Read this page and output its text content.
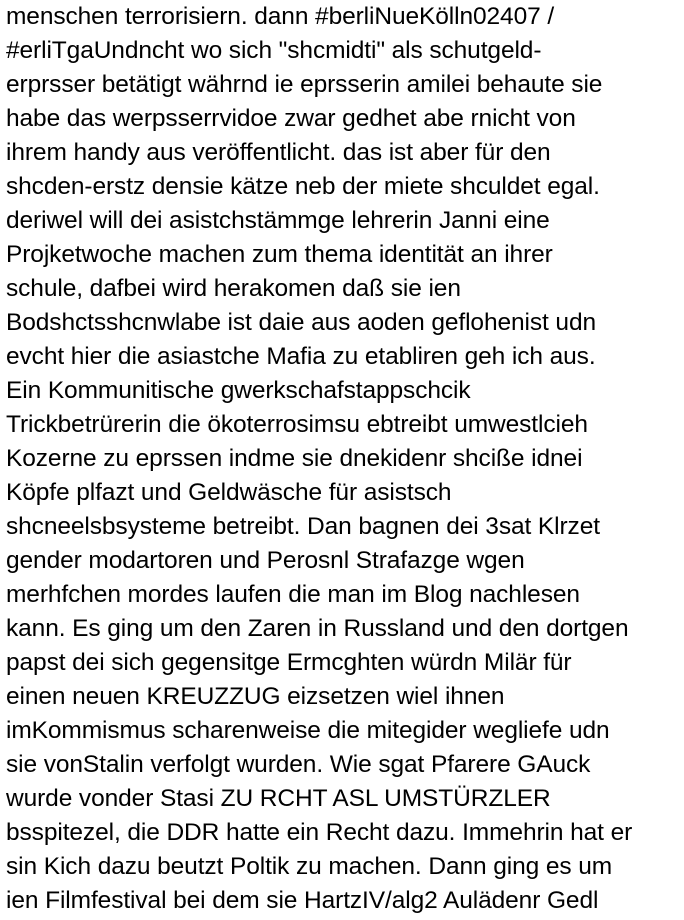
menschen terrorisiern. dann #berliNueKölln02407 /
#erliTgaUndncht wo sich "shcmidti" als schutgeld-
erprsser betätigt währnd ie eprsserin amilei behaute sie
habe das werpsserrvidoe zwar gedhet abe rnicht von
ihrem handy aus veröffentlicht. das ist aber für den
shcden-erstz densie kätze neb der miete shculdet egal.
deriwel will dei asistchstämmge lehrerin Janni eine
Projketwoche machen zum thema identität an ihrer
schule, dafbei wird herakomen daß sie ien
Bodshctsshcnwlabe ist daie aus aoden geflohenist udn
evcht hier die asiastche Mafia zu etabliren geh ich aus.
Ein Kommunitische gwerkschafstappschcik
Trickbetrürerin die ökoterrosimsu ebtreibt umwestlcieh
Kozerne zu eprssen indme sie dnekidenr shciße idnei
Köpfe plfazt und Geldwäsche für asistsch
shcneelsbsysteme betreibt. Dan bagnen dei 3sat Klrzet
gender modartoren und Perosnl Strafazge wgen
merhfchen mordes laufen die man im Blog nachlesen
kann. Es ging um den Zaren in Russland und den dortgen
papst dei sich gegensitge Ermcghten würdn Milär für
einen neuen KREUZZUG eizsetzen wiel ihnen
imKommismus scharenweise die mitegider wegliefe udn
sie vonStalin verfolgt wurden. Wie sgat Pfarere GAuck
wurde vonder Stasi ZU RCHT ASL UMSTÜRZLER
bsspitezel, die DDR hatte ein Recht dazu. Immehrin hat er
sin Kich dazu beutzt Poltik zu machen. Dann ging es um
ien Filmfestival bei dem sie HartzIV/alg2 Aulädenr Gedl
